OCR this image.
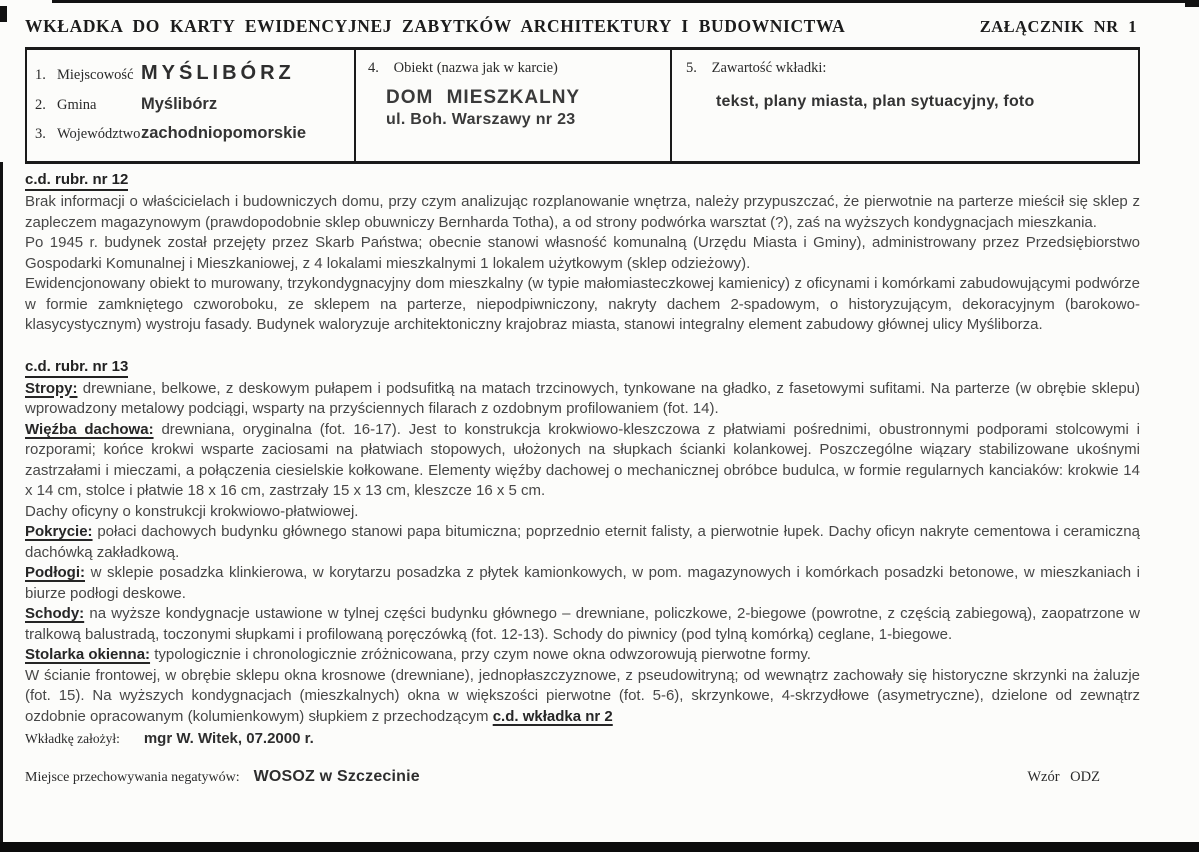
WKŁADKA DO KARTY EWIDENCYJNEJ ZABYTKÓW ARCHITEKTURY I BUDOWNICTWA	ZAŁĄCZNIK NR 1
1. Miejscowość MYŚLIBÓRZ
2. Gmina	Myślibórz
3. Województwo zachodniopomorskie
4. Obiekt (nazwa jak w karcie)
DOM MIESZKALNY
ul. Boh. Warszawy nr 23
5. Zawartość wkładki:
tekst, plany miasta, plan sytuacyjny, foto
c.d. rubr. nr 12

Brak informacji o właścicielach i budowniczych domu, przy czym analizując rozplanowanie wnętrza, należy przypuszczać, że pierwotnie na parterze mieścił się sklep z zapleczem magazynowym (prawdopodobnie sklep obuwniczy Bernharda Totha), a od strony podwórka warsztat (?), zaś na wyższych kondygnacjach mieszkania.

Po 1945 r. budynek został przejęty przez Skarb Państwa; obecnie stanowi własność komunalną (Urzędu Miasta i Gminy), administrowany przez Przedsiębiorstwo Gospodarki Komunalnej i Mieszkaniowej, z 4 lokalami mieszkalnymi 1 lokalem użytkowym (sklep odzieżowy).

Ewidencjonowany obiekt to murowany, trzykondygnacyjny dom mieszkalny (w typie małomiasteczkowej kamienicy) z oficynami i komórkami zabudowującymi podwórze w formie zamkniętego czworoboku, ze sklepem na parterze, niepodpiwniczony, nakryty dachem 2-spadowym, o historyzującym, dekoracyjnym (barokowo-klasycystycznym) wystroju fasady. Budynek waloryzuje architektoniczny krajobraz miasta, stanowi integralny element zabudowy głównej ulicy Myśliborza.

c.d. rubr. nr 13

Stropy: drewniane, belkowe, z deskowym pułapem i podsufitką na matach trzcinowych, tynkowane na gładko, z fasetowymi sufitami. Na parterze (w obrębie sklepu) wprowadzony metalowy podciągi, wsparty na przyściennych filarach z ozdobnym profilowaniem (fot. 14).

Więźba dachowa: drewniana, oryginalna (fot. 16-17). Jest to konstrukcja krokwiowo-kleszczowa z płatwiami pośrednimi, obustronnymi podporami stolcowymi i rozporami; końce krokwi wsparte zaciosami na płatwiach stopowych, ułożonych na słupkach ścianki kolankowej. Poszczególne wiązary stabilizowane ukośnymi zastrzałami i mieczami, a połączenia ciesielskie kołkowane. Elementy więźby dachowej o mechanicznej obróbce budulca, w formie regularnych kanciaków: krokwie 14 x 14 cm, stolce i płatwie 18 x 16 cm, zastrzały 15 x 13 cm, kleszcze 16 x 5 cm.

Dachy oficyny o konstrukcji krokwiowo-płatwiowej.

Pokrycie: połaci dachowych budynku głównego stanowi papa bitumiczna; poprzednio eternit falisty, a pierwotnie łupek. Dachy oficyn nakryte cementowa i ceramiczną dachówką zakładkową.

Podłogi: w sklepie posadzka klinkierowa, w korytarzu posadzka z płytek kamionkowych, w pom. magazynowych i komórkach posadzki betonowe, w mieszkaniach i biurze podłogi deskowe.

Schody: na wyższe kondygnacje ustawione w tylnej części budynku głównego – drewniane, policzkowe, 2-biegowe (powrotne, z częścią zabiegową), zaopatrzone w tralkową balustradą, toczonymi słupkami i profilowaną poręczówką (fot. 12-13). Schody do piwnicy (pod tylną komórką) ceglane, 1-biegowe.

Stolarka okienna: typologicznie i chronologicznie zróżnicowana, przy czym nowe okna odwzorowują pierwotne formy.

W ścianie frontowej, w obrębie sklepu okna krosnowe (drewniane), jednopłaszczyznowe, z pseudowitryną; od wewnątrz zachowały się historyczne skrzynki na żaluzje (fot. 15). Na wyższych kondygnacjach (mieszkalnych) okna w większości pierwotne (fot. 5-6), skrzynkowe, 4-skrzydłowe (asymetryczne), dzielone od zewnątrz ozdobnie opracowanym (kolumienkowym) słupkiem z przechodzącym c.d. wkładka nr 2

Wkładkę założył: mgr W. Witek, 07.2000 r.
Miejsce przechowywania negatywów: WOSOZ w Szczecinie	Wzór ODZ
